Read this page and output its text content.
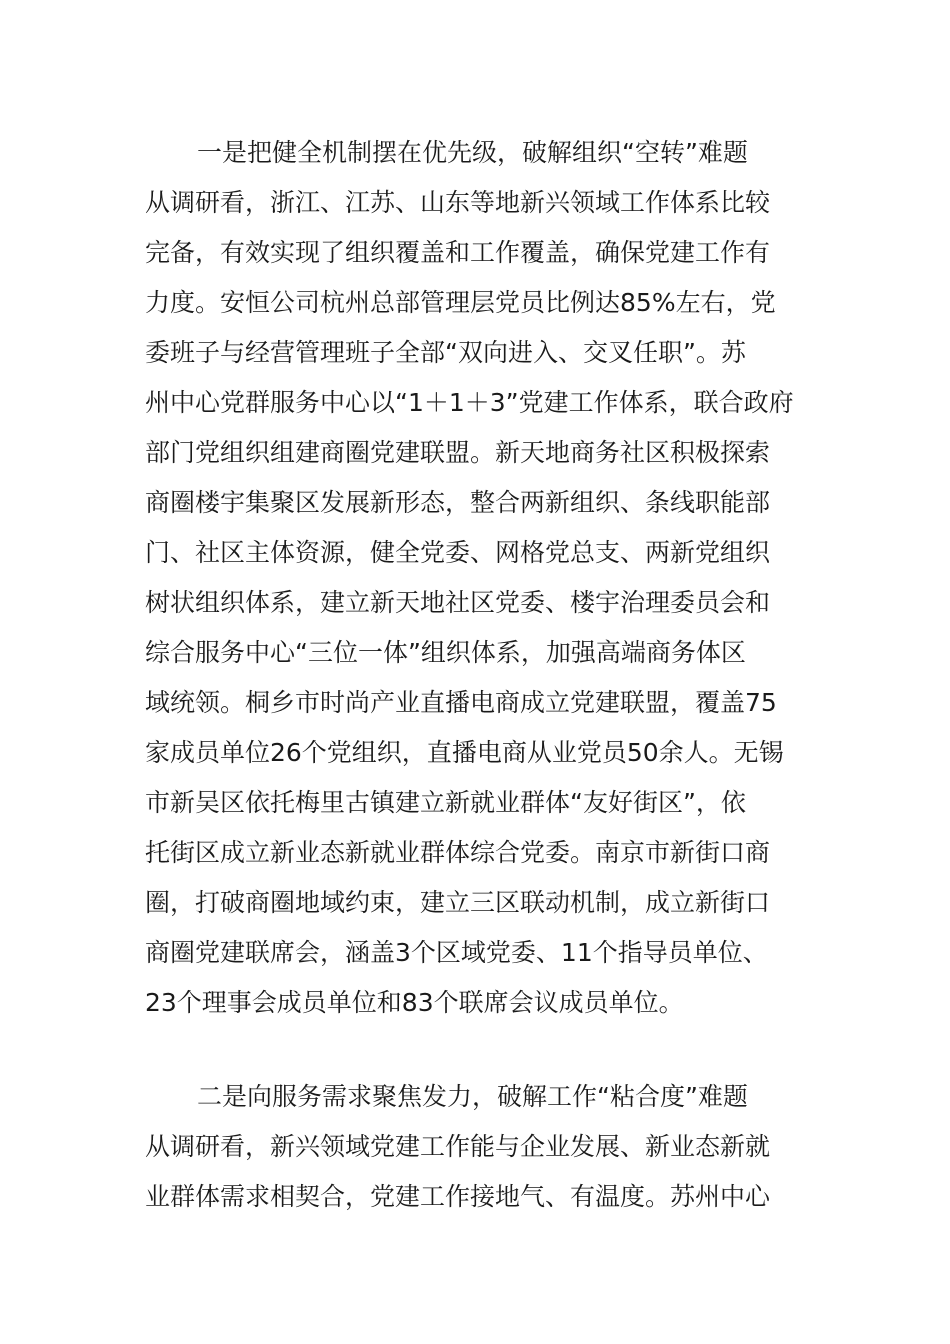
一是把健全机制摆在优先级，破解组织“空转”难题
从调研看，浙江、江苏、山东等地新兴领域工作体系比较
完备，有效实现了组织覆盖和工作覆盖，确保党建工作有
力度。安恒公司杭州总部管理层党员比例达85%左右，党
委班子与经营管理班子全部“双向进入、交叉任职”。苏
州中心党群服务中心以“1＋1＋3”党建工作体系，联合政府
部门党组织组建商圈党建联盟。新天地商务社区积极探索
商圈楼宇集聚区发展新形态，整合两新组织、条线职能部
门、社区主体资源，健全党委、网格党总支、两新党组织
树状组织体系，建立新天地社区党委、楼宇治理委员会和
综合服务中心“三位一体”组织体系，加强高端商务体区
域统领。桐乡市时尚产业直播电商成立党建联盟，覆盖75
家成员单位26个党组织，直播电商从业党员50余人。无锡
市新吴区依托梅里古镇建立新就业群体“友好街区”，依
托街区成立新业态新就业群体综合党委。南京市新街口商
圈，打破商圈地域约束，建立三区联动机制，成立新街口
商圈党建联席会，涵盖3个区域党委、11个指导员单位、
23个理事会成员单位和83个联席会议成员单位。
二是向服务需求聚焦发力，破解工作“粘合度”难题
从调研看，新兴领域党建工作能与企业发展、新业态新就
业群体需求相契合，党建工作接地气、有温度。苏州中心
